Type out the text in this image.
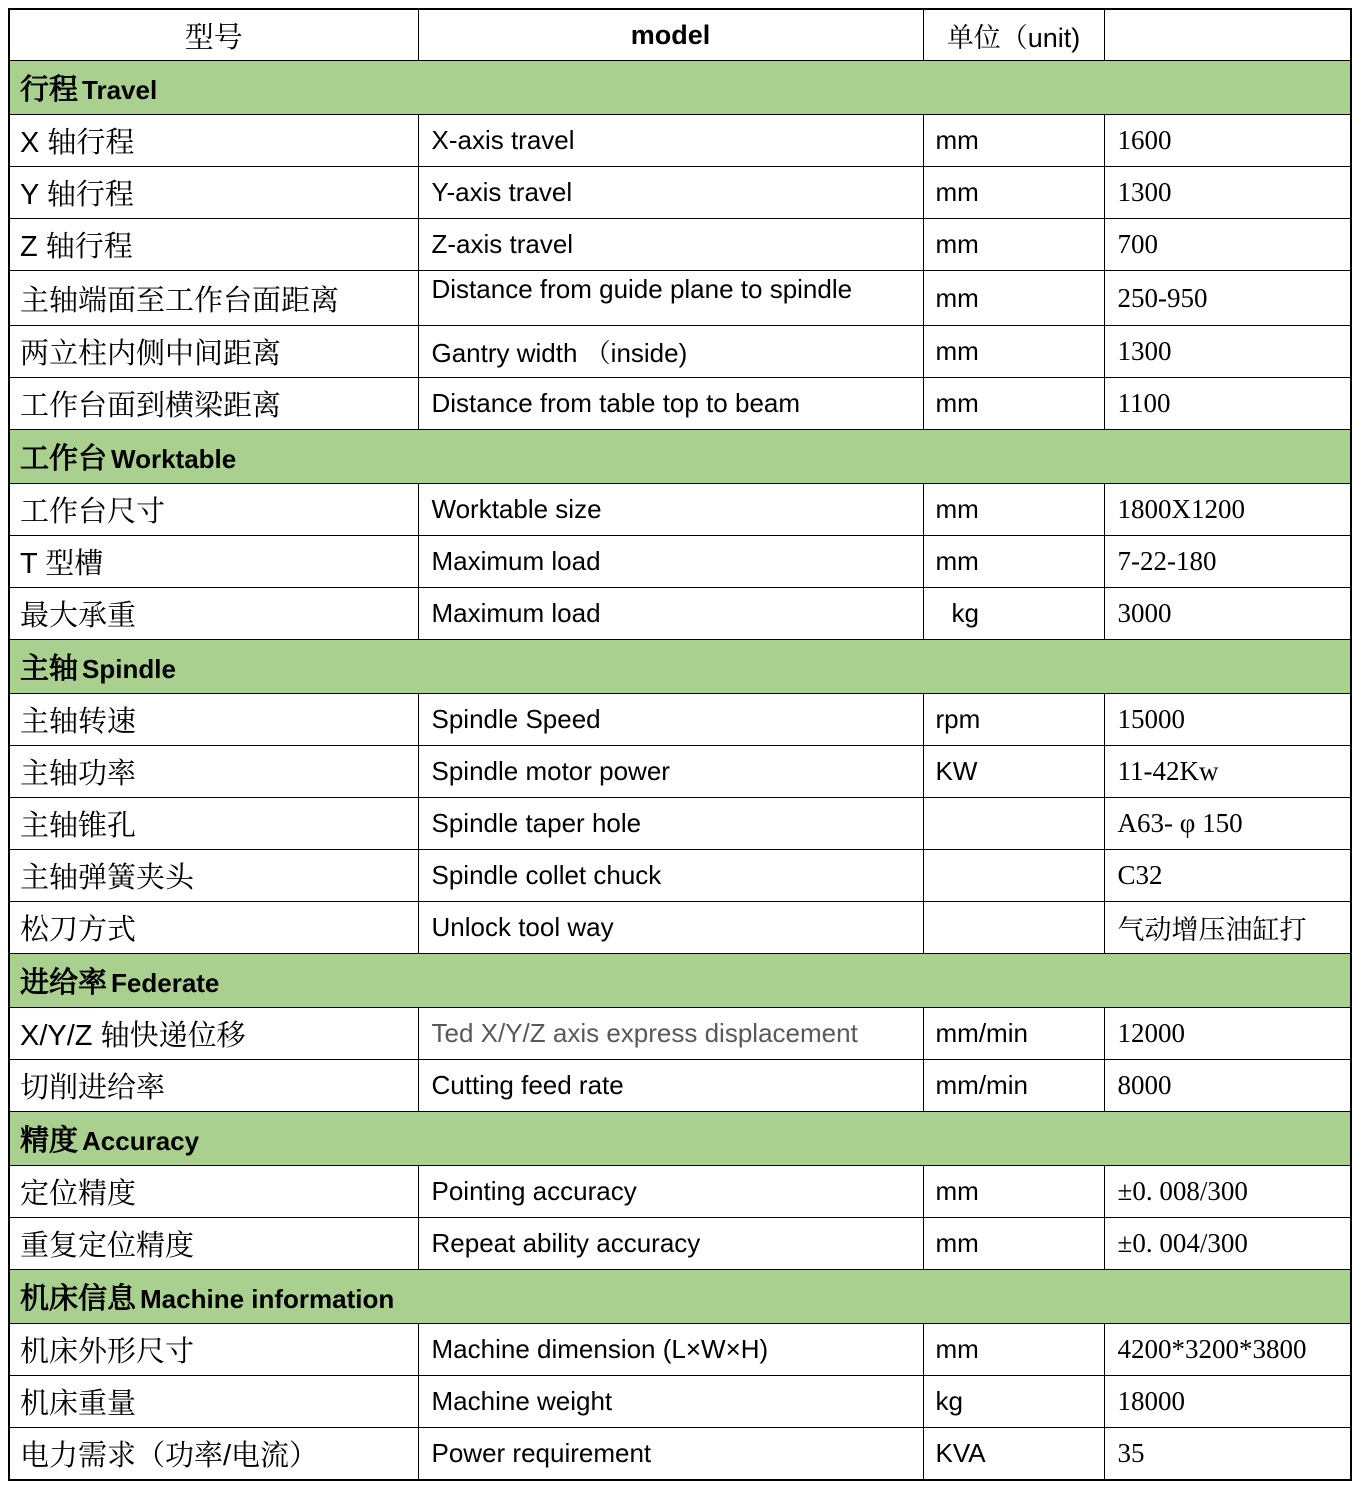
型号	model	单位（unit)	
行程 Travel			
X 轴行程	X-axis travel	mm	1600
Y 轴行程	Y-axis travel	mm	1300
Z 轴行程	Z-axis travel	mm	700
主轴端面至工作台面距离	Distance from guide plane to spindle	mm	250-950
两立柱内侧中间距离	Gantry width （inside)	mm	1300
工作台面到横梁距离	Distance from table top to beam	mm	1100
工作台 Worktable			
工作台尺寸	Worktable size	mm	1800X1200
T 型槽	Maximum load	mm	7-22-180
最大承重	Maximum load	kg	3000
主轴 Spindle			
主轴转速	Spindle Speed	rpm	15000
主轴功率	Spindle motor power	KW	11-42Kw
主轴锥孔	Spindle taper hole		A63- φ 150
主轴弹簧夹头	Spindle collet chuck		C32
松刀方式	Unlock tool way		气动增压油缸打
进给率 Federate			
X/Y/Z 轴快递位移	Ted X/Y/Z axis express displacement	mm/min	12000
切削进给率	Cutting feed rate	mm/min	8000
精度 Accuracy			
定位精度	Pointing accuracy	mm	±0. 008/300
重复定位精度	Repeat ability accuracy	mm	±0. 004/300
机床信息 Machine information			
机床外形尺寸	Machine dimension (L×W×H)	mm	4200*3200*3800
机床重量	Machine weight	kg	18000
电力需求（功率/电流）	Power requirement	KVA	35
